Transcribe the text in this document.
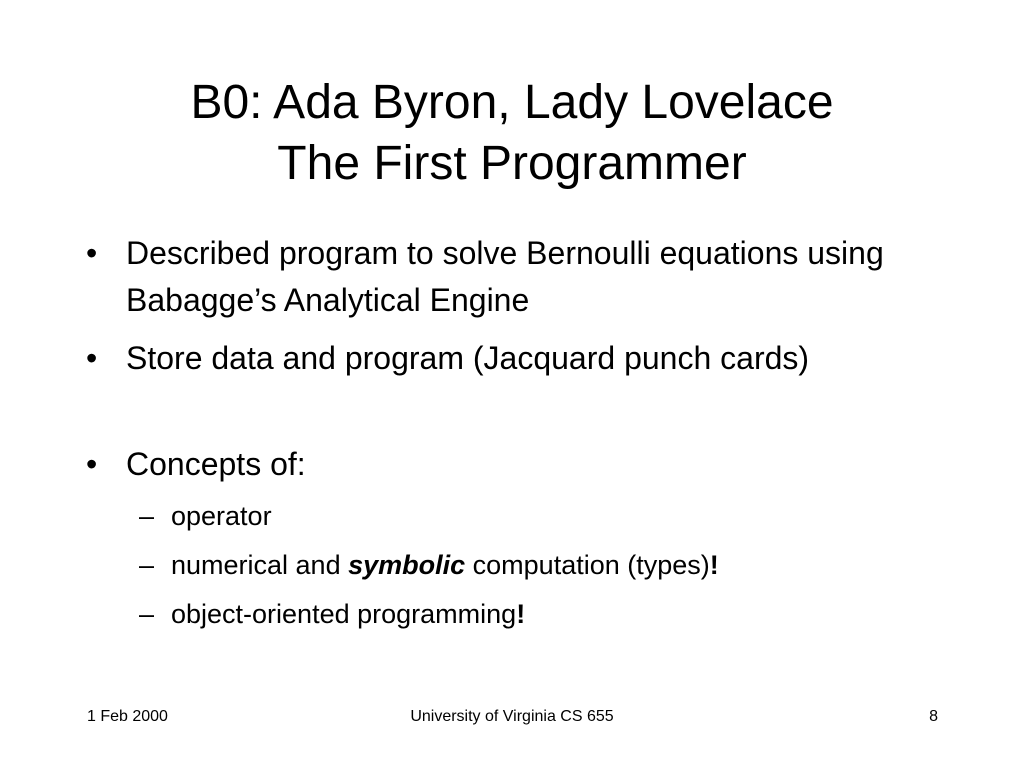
B0: Ada Byron, Lady Lovelace
The First Programmer
• Described program to solve Bernoulli equations using Babagge’s Analytical Engine
• Store data and program (Jacquard punch cards)
• Concepts of:
– operator
– numerical and symbolic computation (types)!
– object-oriented programming!
1 Feb 2000	University of Virginia CS 655	8
